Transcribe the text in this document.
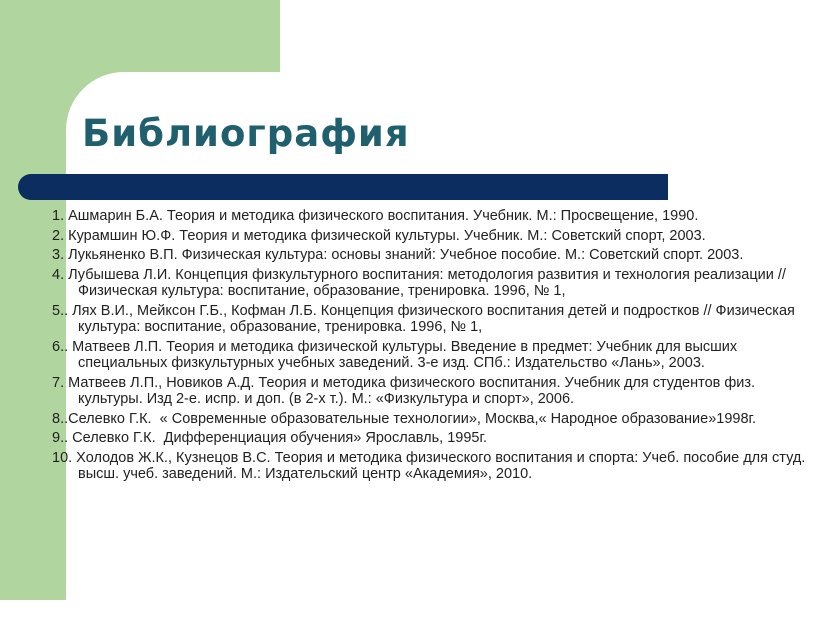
Библиография

1. Ашмарин Б.А. Теория и методика физического воспитания. Учебник. М.: Просвещение, 1990.

2. Курамшин Ю.Ф. Теория и методика физической культуры. Учебник. М.: Советский спорт, 2003.

3. Лукьяненко В.П. Физическая культура: основы знаний: Учебное пособие. М.: Советский спорт. 2003.

4. Лубышева Л.И. Концепция физкультурного воспитания: методология развития и технология реализации // Физическая культура: воспитание, образование, тренировка. 1996, № 1,

5.. Лях В.И., Мейксон Г.Б., Кофман Л.Б. Концепция физического воспитания детей и подростков // Физическая культура: воспитание, образование, тренировка. 1996, № 1,

6.. Матвеев Л.П. Теория и методика физической культуры. Введение в предмет: Учебник для высших специальных физкультурных учебных заведений. 3-е изд. СПб.: Издательство «Лань», 2003.

7. Матвеев Л.П., Новиков А.Д. Теория и методика физического воспитания. Учебник для студентов физ. культуры. Изд 2-е. испр. и доп. (в 2-х т.). М.: «Физкультура и спорт», 2006.

8..Селевко Г.К.  « Современные образовательные технологии», Москва,« Народное образование»1998г.

9.. Селевко Г.К.  Дифференциация обучения» Ярославль, 1995г.

10. Холодов Ж.К., Кузнецов В.С. Теория и методика физического воспитания и спорта: Учеб. пособие для студ. высш. учеб. заведений. М.: Издательский центр «Академия», 2010.
